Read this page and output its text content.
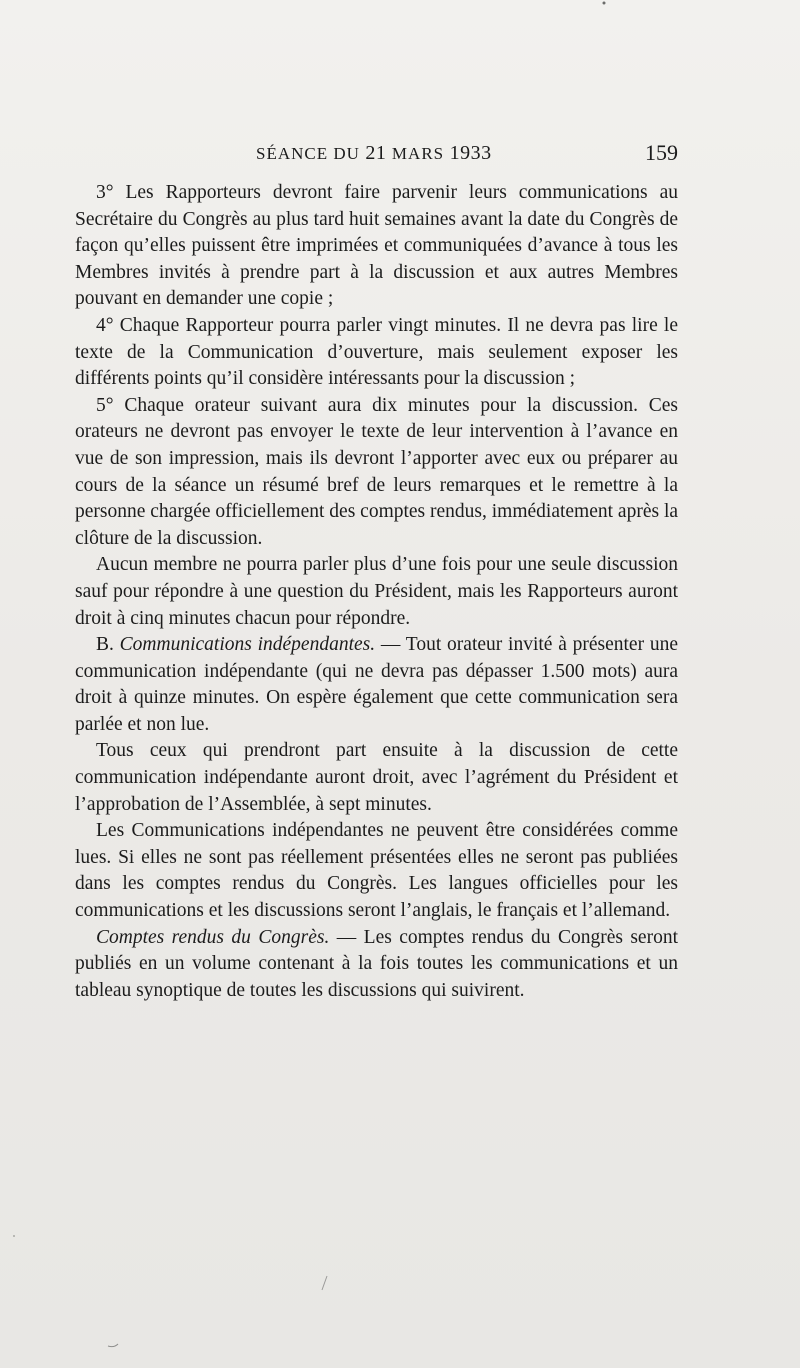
SÉANCE DU 21 MARS 1933	159

3° Les Rapporteurs devront faire parvenir leurs communications au Secrétaire du Congrès au plus tard huit semaines avant la date du Congrès de façon qu’elles puissent être imprimées et communiquées d’avance à tous les Membres invités à prendre part à la discussion et aux autres Membres pouvant en demander une copie ;

4° Chaque Rapporteur pourra parler vingt minutes. Il ne devra pas lire le texte de la Communication d’ouverture, mais seulement exposer les différents points qu’il considère intéressants pour la discussion ;

5° Chaque orateur suivant aura dix minutes pour la discussion. Ces orateurs ne devront pas envoyer le texte de leur intervention à l’avance en vue de son impression, mais ils devront l’apporter avec eux ou préparer au cours de la séance un résumé bref de leurs remarques et le remettre à la personne chargée officiellement des comptes rendus, immédiatement après la clôture de la discussion.

Aucun membre ne pourra parler plus d’une fois pour une seule discussion sauf pour répondre à une question du Président, mais les Rapporteurs auront droit à cinq minutes chacun pour répondre.

B. Communications indépendantes. — Tout orateur invité à présenter une communication indépendante (qui ne devra pas dépasser 1.500 mots) aura droit à quinze minutes. On espère également que cette communication sera parlée et non lue.

Tous ceux qui prendront part ensuite à la discussion de cette communication indépendante auront droit, avec l’agrément du Président et l’approbation de l’Assemblée, à sept minutes.

Les Communications indépendantes ne peuvent être considérées comme lues. Si elles ne sont pas réellement présentées elles ne seront pas publiées dans les comptes rendus du Congrès. Les langues officielles pour les communications et les discussions seront l’anglais, le français et l’allemand.

Comptes rendus du Congrès. — Les comptes rendus du Congrès seront publiés en un volume contenant à la fois toutes les communications et un tableau synoptique de toutes les discussions qui suivirent.
